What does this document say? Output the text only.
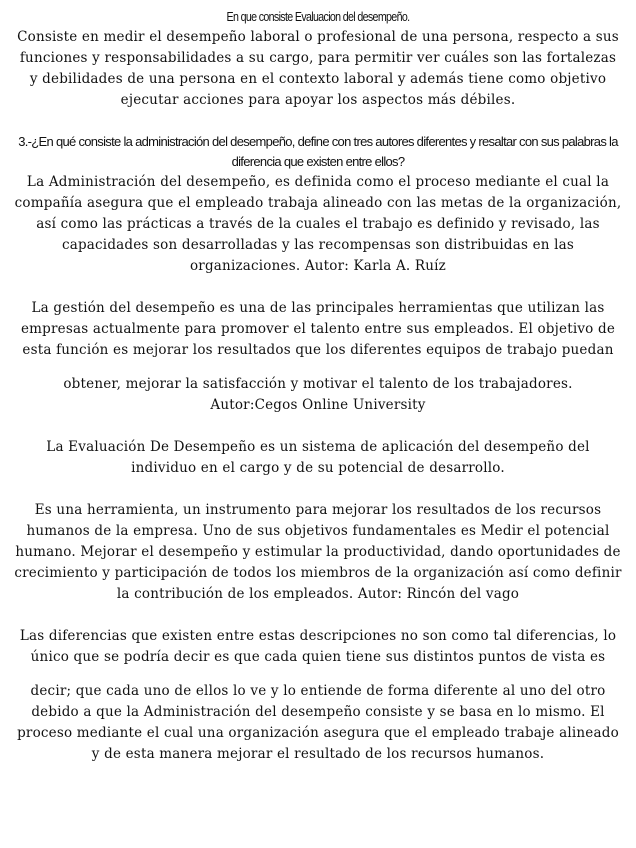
En que consiste Evaluacion del desempeño.

Consiste en medir el desempeño laboral o profesional de una persona, respecto a sus funciones y responsabilidades a su cargo, para permitir ver cuáles son las fortalezas y debilidades de una persona en el contexto laboral y además tiene como objetivo ejecutar acciones para apoyar los aspectos más débiles.

3.-¿En qué consiste la administración del desempeño, define con tres autores diferentes y resaltar con sus palabras la diferencia que existen entre ellos?

La Administración del desempeño, es definida como el proceso mediante el cual la compañía asegura que el empleado trabaja alineado con las metas de la organización, así como las prácticas a través de la cuales el trabajo es definido y revisado, las capacidades son desarrolladas y las recompensas son distribuidas en las organizaciones. Autor: Karla A. Ruíz

La gestión del desempeño es una de las principales herramientas que utilizan las empresas actualmente para promover el talento entre sus empleados. El objetivo de esta función es mejorar los resultados que los diferentes equipos de trabajo puedan

obtener, mejorar la satisfacción y motivar el talento de los trabajadores.

Autor:Cegos Online University

La Evaluación De Desempeño es un sistema de aplicación del desempeño del individuo en el cargo y de su potencial de desarrollo.

Es una herramienta, un instrumento para mejorar los resultados de los recursos humanos de la empresa. Uno de sus objetivos fundamentales es Medir el potencial humano. Mejorar el desempeño y estimular la productividad, dando oportunidades de crecimiento y participación de todos los miembros de la organización así como definir la contribución de los empleados. Autor: Rincón del vago

Las diferencias que existen entre estas descripciones no son como tal diferencias, lo único que se podría decir es que cada quien tiene sus distintos puntos de vista es

decir; que cada uno de ellos lo ve y lo entiende de forma diferente al uno del otro debido a que la Administración del desempeño consiste y se basa en lo mismo. El proceso mediante el cual una organización asegura que el empleado trabaje alineado y de esta manera mejorar el resultado de los recursos humanos.
